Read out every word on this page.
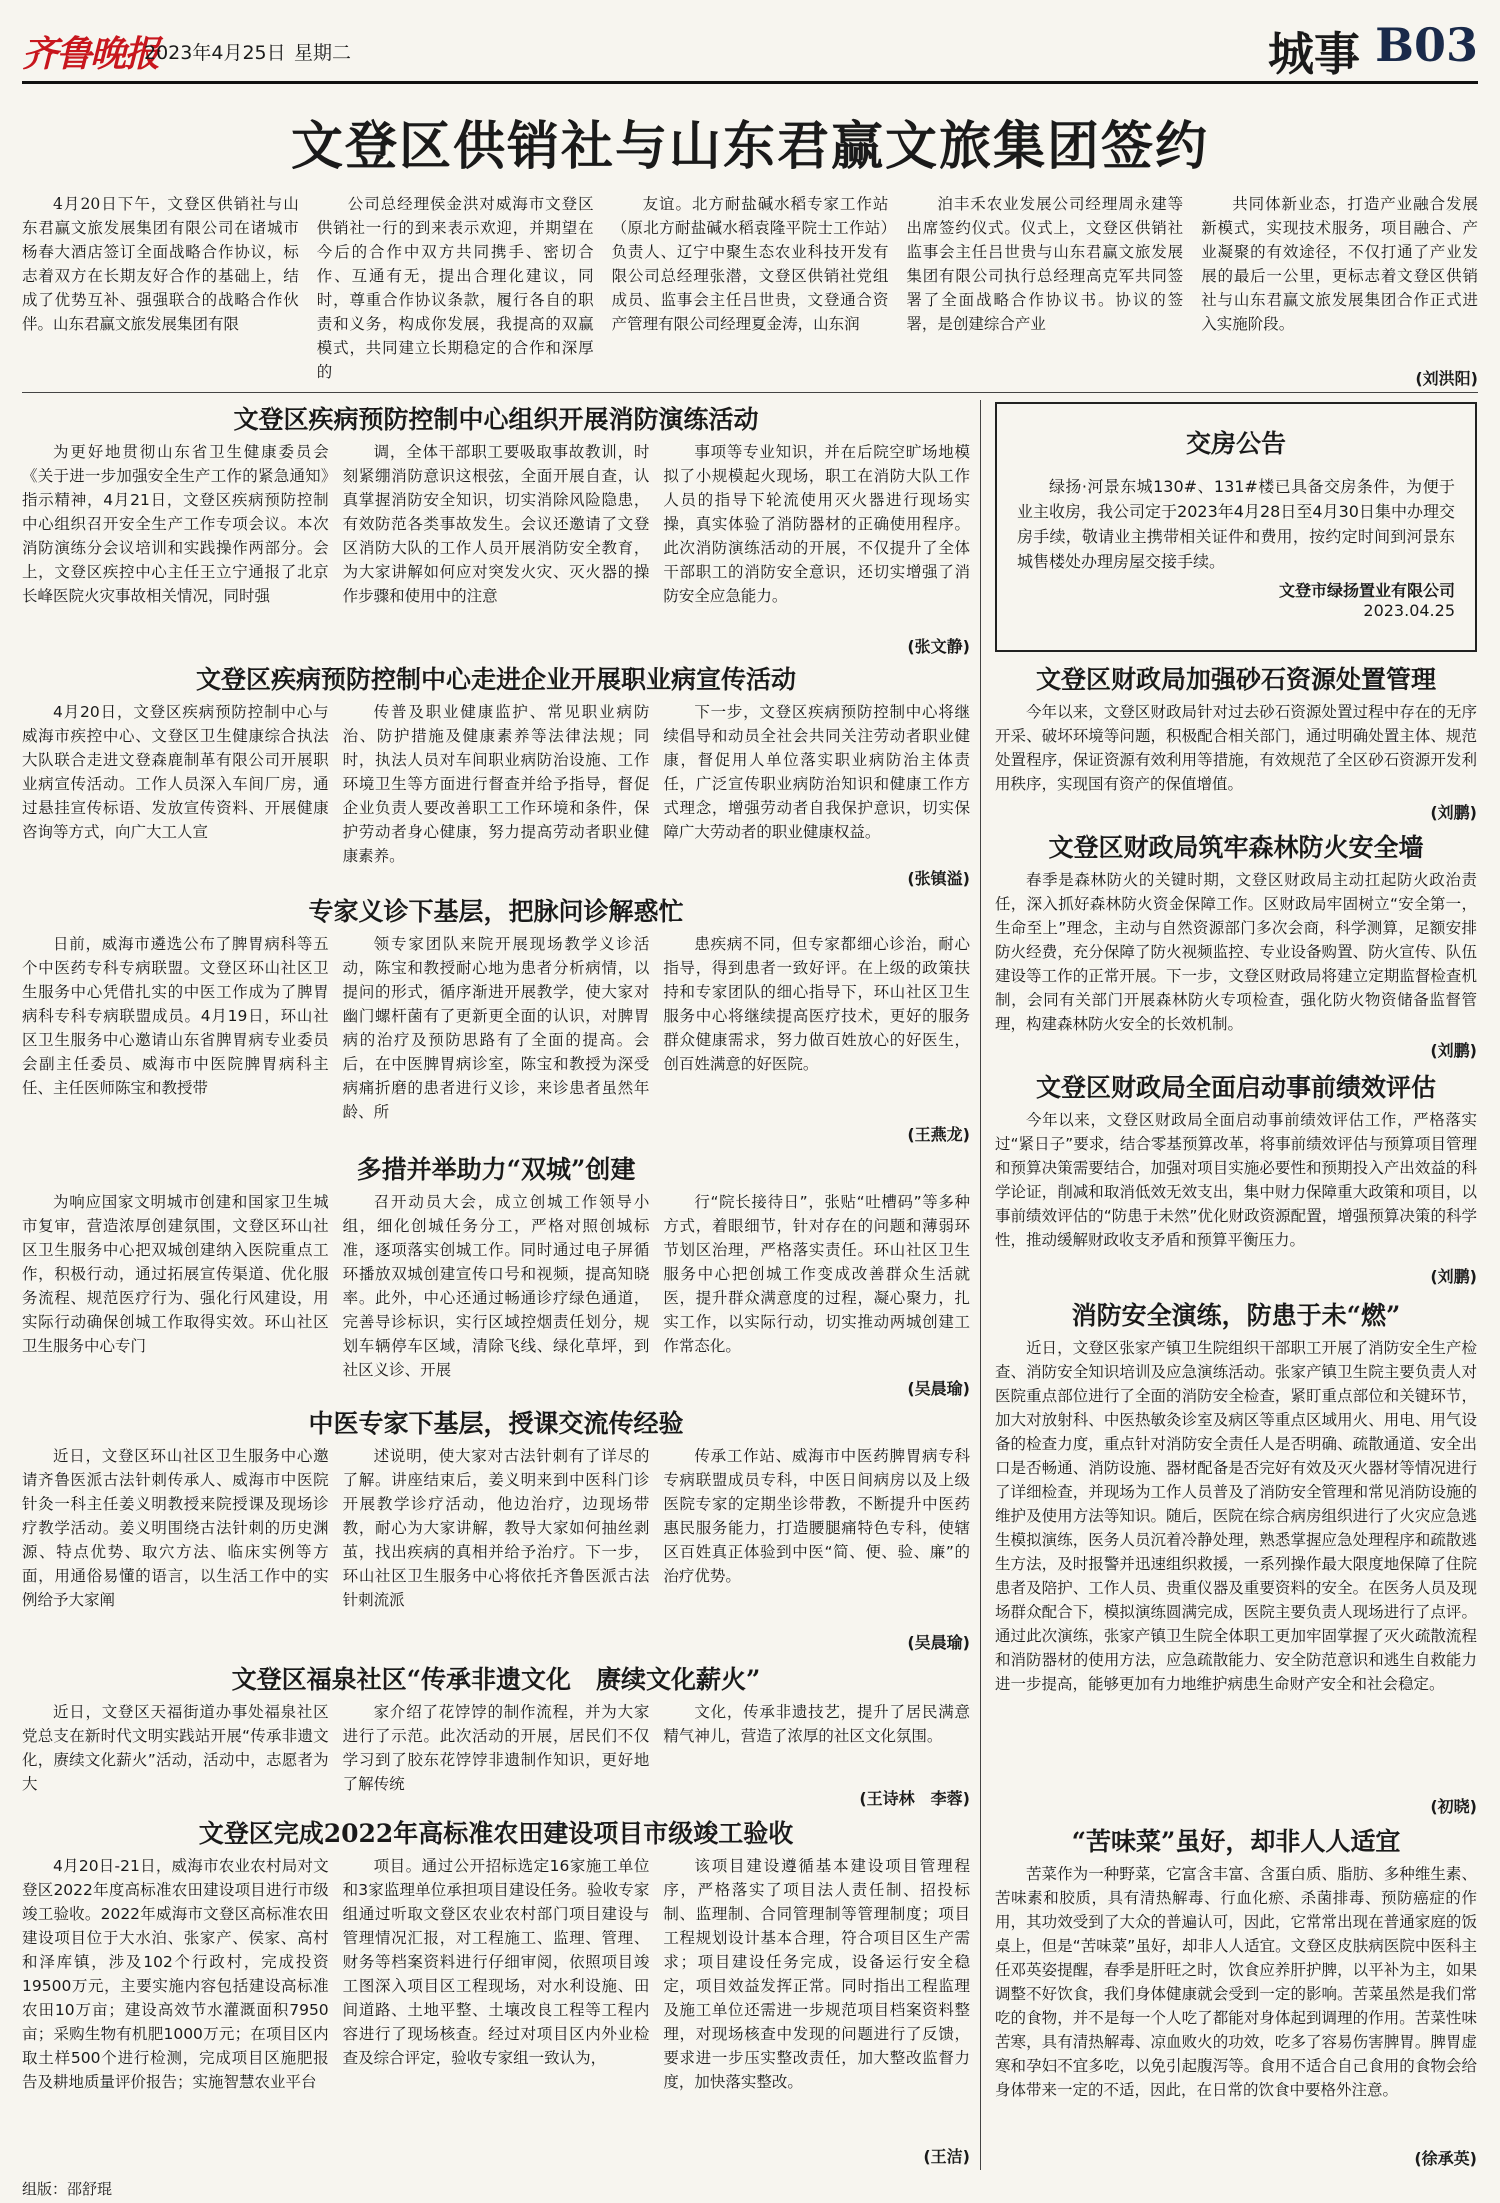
齐鲁晚报
2023年4月25日 星期二	城事 B03
文登区供销社与山东君赢文旅集团签约

4月20日下午，文登区供销社与山东君赢文旅发展集团有限公司在诸城市杨春大酒店签订全面战略合作协议，标志着双方在长期友好合作的基础上，结成了优势互补、强强联合的战略合作伙伴。山东君赢文旅发展集团有限

公司总经理侯金洪对威海市文登区供销社一行的到来表示欢迎，并期望在今后的合作中双方共同携手、密切合作、互通有无，提出合理化建议，同时，尊重合作协议条款，履行各自的职责和义务，构成你发展，我提高的双赢模式，共同建立长期稳定的合作和深厚的

友谊。北方耐盐碱水稻专家工作站（原北方耐盐碱水稻袁隆平院士工作站）负责人、辽宁中聚生态农业科技开发有限公司总经理张潜，文登区供销社党组成员、监事会主任吕世贵，文登通合资产管理有限公司经理夏金涛，山东润

泊丰禾农业发展公司经理周永建等出席签约仪式。仪式上，文登区供销社监事会主任吕世贵与山东君赢文旅发展集团有限公司执行总经理高克军共同签署了全面战略合作协议书。协议的签署，是创建综合产业

共同体新业态，打造产业融合发展新模式，实现技术服务，项目融合、产业凝聚的有效途径，不仅打通了产业发展的最后一公里，更标志着文登区供销社与山东君赢文旅发展集团合作正式进入实施阶段。

(刘洪阳)
文登区疾病预防控制中心组织开展消防演练活动

为更好地贯彻山东省卫生健康委员会《关于进一步加强安全生产工作的紧急通知》指示精神，4月21日，文登区疾病预防控制中心组织召开安全生产工作专项会议。本次消防演练分会议培训和实践操作两部分。会上，文登区疾控中心主任王立宁通报了北京长峰医院火灾事故相关情况，同时强

调，全体干部职工要吸取事故教训，时刻紧绷消防意识这根弦，全面开展自查，认真掌握消防安全知识，切实消除风险隐患，有效防范各类事故发生。会议还邀请了文登区消防大队的工作人员开展消防安全教育，为大家讲解如何应对突发火灾、灭火器的操作步骤和使用中的注意

事项等专业知识，并在后院空旷场地模拟了小规模起火现场，职工在消防大队工作人员的指导下轮流使用灭火器进行现场实操，真实体验了消防器材的正确使用程序。此次消防演练活动的开展，不仅提升了全体干部职工的消防安全意识，还切实增强了消防安全应急能力。

(张文静)
文登区疾病预防控制中心走进企业开展职业病宣传活动

4月20日，文登区疾病预防控制中心与威海市疾控中心、文登区卫生健康综合执法大队联合走进文登森鹿制革有限公司开展职业病宣传活动。工作人员深入车间厂房，通过悬挂宣传标语、发放宣传资料、开展健康咨询等方式，向广大工人宣

传普及职业健康监护、常见职业病防治、防护措施及健康素养等法律法规；同时，执法人员对车间职业病防治设施、工作环境卫生等方面进行督查并给予指导，督促企业负责人要改善职工工作环境和条件，保护劳动者身心健康，努力提高劳动者职业健康素养。

下一步，文登区疾病预防控制中心将继续倡导和动员全社会共同关注劳动者职业健康，督促用人单位落实职业病防治主体责任，广泛宣传职业病防治知识和健康工作方式理念，增强劳动者自我保护意识，切实保障广大劳动者的职业健康权益。

(张镇溢)
专家义诊下基层，把脉问诊解惑忙

日前，威海市遴选公布了脾胃病科等五个中医药专科专病联盟。文登区环山社区卫生服务中心凭借扎实的中医工作成为了脾胃病科专科专病联盟成员。4月19日，环山社区卫生服务中心邀请山东省脾胃病专业委员会副主任委员、威海市中医院脾胃病科主任、主任医师陈宝和教授带

领专家团队来院开展现场教学义诊活动，陈宝和教授耐心地为患者分析病情，以提问的形式，循序渐进开展教学，使大家对幽门螺杆菌有了更新更全面的认识，对脾胃病的治疗及预防思路有了全面的提高。会后，在中医脾胃病诊室，陈宝和教授为深受病痛折磨的患者进行义诊，来诊患者虽然年龄、所

患疾病不同，但专家都细心诊治，耐心指导，得到患者一致好评。在上级的政策扶持和专家团队的细心指导下，环山社区卫生服务中心将继续提高医疗技术，更好的服务群众健康需求，努力做百姓放心的好医生，创百姓满意的好医院。

(王燕龙)
多措并举助力“双城”创建

为响应国家文明城市创建和国家卫生城市复审，营造浓厚创建氛围，文登区环山社区卫生服务中心把双城创建纳入医院重点工作，积极行动，通过拓展宣传渠道、优化服务流程、规范医疗行为、强化行风建设，用实际行动确保创城工作取得实效。环山社区卫生服务中心专门

召开动员大会，成立创城工作领导小组，细化创城任务分工，严格对照创城标准，逐项落实创城工作。同时通过电子屏循环播放双城创建宣传口号和视频，提高知晓率。此外，中心还通过畅通诊疗绿色通道，完善导诊标识，实行区域控烟责任划分，规划车辆停车区域，清除飞线、绿化草坪，到社区义诊、开展

行“院长接待日”，张贴“吐槽码”等多种方式，着眼细节，针对存在的问题和薄弱环节划区治理，严格落实责任。环山社区卫生服务中心把创城工作变成改善群众生活就医，提升群众满意度的过程，凝心聚力，扎实工作，以实际行动，切实推动两城创建工作常态化。

(吴晨瑜)
中医专家下基层，授课交流传经验

近日，文登区环山社区卫生服务中心邀请齐鲁医派古法针刺传承人、威海市中医院针灸一科主任姜义明教授来院授课及现场诊疗教学活动。姜义明围绕古法针刺的历史渊源、特点优势、取穴方法、临床实例等方面，用通俗易懂的语言，以生活工作中的实例给予大家阐

述说明，使大家对古法针刺有了详尽的了解。讲座结束后，姜义明来到中医科门诊开展教学诊疗活动，他边治疗，边现场带教，耐心为大家讲解，教导大家如何抽丝剥茧，找出疾病的真相并给予治疗。下一步，环山社区卫生服务中心将依托齐鲁医派古法针刺流派

传承工作站、威海市中医药脾胃病专科专病联盟成员专科，中医日间病房以及上级医院专家的定期坐诊带教，不断提升中医药惠民服务能力，打造腰腿痛特色专科，使辖区百姓真正体验到中医“简、便、验、廉”的治疗优势。

(吴晨瑜)
文登区福泉社区“传承非遗文化　赓续文化薪火”

近日，文登区天福街道办事处福泉社区党总支在新时代文明实践站开展“传承非遗文化，赓续文化薪火”活动，活动中，志愿者为大

家介绍了花饽饽的制作流程，并为大家进行了示范。此次活动的开展，居民们不仅学习到了胶东花饽饽非遗制作知识，更好地了解传统

文化，传承非遗技艺，提升了居民满意精气神儿，营造了浓厚的社区文化氛围。

(王诗林　李蓉)
文登区完成2022年高标准农田建设项目市级竣工验收

4月20日-21日，威海市农业农村局对文登区2022年度高标准农田建设项目进行市级竣工验收。2022年威海市文登区高标准农田建设项目位于大水泊、张家产、侯家、高村和泽库镇，涉及102个行政村，完成投资19500万元，主要实施内容包括建设高标准农田10万亩；建设高效节水灌溉面积7950亩；采购生物有机肥1000万元；在项目区内取土样500个进行检测，完成项目区施肥报告及耕地质量评价报告；实施智慧农业平台

项目。通过公开招标选定16家施工单位和3家监理单位承担项目建设任务。验收专家组通过听取文登区农业农村部门项目建设与管理情况汇报，对工程施工、监理、管理、财务等档案资料进行仔细审阅，依照项目竣工图深入项目区工程现场，对水利设施、田间道路、土地平整、土壤改良工程等工程内容进行了现场核查。经过对项目区内外业检查及综合评定，验收专家组一致认为，

该项目建设遵循基本建设项目管理程序，严格落实了项目法人责任制、招投标制、监理制、合同管理制等管理制度；项目工程规划设计基本合理，符合项目区生产需求；项目建设任务完成，设备运行安全稳定，项目效益发挥正常。同时指出工程监理及施工单位还需进一步规范项目档案资料整理，对现场核查中发现的问题进行了反馈，要求进一步压实整改责任，加大整改监督力度，加快落实整改。

(王洁)
交房公告
绿扬·河景东城130#、131#楼已具备交房条件，为便于业主收房，我公司定于2023年4月28日至4月30日集中办理交房手续，敬请业主携带相关证件和费用，按约定时间到河景东城售楼处办理房屋交接手续。
文登市绿扬置业有限公司
2023.04.25
文登区财政局加强砂石资源处置管理

今年以来，文登区财政局针对过去砂石资源处置过程中存在的无序开采、破坏环境等问题，积极配合相关部门，通过明确处置主体、规范处置程序，保证资源有效利用等措施，有效规范了全区砂石资源开发利用秩序，实现国有资产的保值增值。

(刘鹏)
文登区财政局筑牢森林防火安全墙

春季是森林防火的关键时期，文登区财政局主动扛起防火政治责任，深入抓好森林防火资金保障工作。区财政局牢固树立“安全第一，生命至上”理念，主动与自然资源部门多次会商，科学测算，足额安排防火经费，充分保障了防火视频监控、专业设备购置、防火宣传、队伍建设等工作的正常开展。下一步，文登区财政局将建立定期监督检查机制，会同有关部门开展森林防火专项检查，强化防火物资储备监督管理，构建森林防火安全的长效机制。

(刘鹏)
文登区财政局全面启动事前绩效评估

今年以来，文登区财政局全面启动事前绩效评估工作，严格落实过“紧日子”要求，结合零基预算改革，将事前绩效评估与预算项目管理和预算决策需要结合，加强对项目实施必要性和预期投入产出效益的科学论证，削减和取消低效无效支出，集中财力保障重大政策和项目，以事前绩效评估的“防患于未然”优化财政资源配置，增强预算决策的科学性，推动缓解财政收支矛盾和预算平衡压力。

(刘鹏)
消防安全演练，防患于未“燃”

近日，文登区张家产镇卫生院组织干部职工开展了消防安全生产检查、消防安全知识培训及应急演练活动。张家产镇卫生院主要负责人对医院重点部位进行了全面的消防安全检查，紧盯重点部位和关键环节，加大对放射科、中医热敏灸诊室及病区等重点区域用火、用电、用气设备的检查力度，重点针对消防安全责任人是否明确、疏散通道、安全出口是否畅通、消防设施、器材配备是否完好有效及灭火器材等情况进行了详细检查，并现场为工作人员普及了消防安全管理和常见消防设施的维护及使用方法等知识。随后，医院在综合病房组织进行了火灾应急逃生模拟演练，医务人员沉着冷静处理，熟悉掌握应急处理程序和疏散逃生方法，及时报警并迅速组织救援，一系列操作最大限度地保障了住院患者及陪护、工作人员、贵重仪器及重要资料的安全。在医务人员及现场群众配合下，模拟演练圆满完成，医院主要负责人现场进行了点评。通过此次演练，张家产镇卫生院全体职工更加牢固掌握了灭火疏散流程和消防器材的使用方法，应急疏散能力、安全防范意识和逃生自救能力进一步提高，能够更加有力地维护病患生命财产安全和社会稳定。

(初晓)
“苦味菜”虽好，却非人人适宜

苦菜作为一种野菜，它富含丰富、含蛋白质、脂肪、多种维生素、苦味素和胶质，具有清热解毒、行血化瘀、杀菌排毒、预防癌症的作用，其功效受到了大众的普遍认可，因此，它常常出现在普通家庭的饭桌上，但是“苦味菜”虽好，却非人人适宜。文登区皮肤病医院中医科主任邓英姿提醒，春季是肝旺之时，饮食应养肝护脾，以平补为主，如果调整不好饮食，我们身体健康就会受到一定的影响。苦菜虽然是我们常吃的食物，并不是每一个人吃了都能对身体起到调理的作用。苦菜性味苦寒，具有清热解毒、凉血败火的功效，吃多了容易伤害脾胃。脾胃虚寒和孕妇不宜多吃，以免引起腹泻等。食用不适合自己食用的食物会给身体带来一定的不适，因此，在日常的饮食中要格外注意。

(徐承英)
组版：邵舒琨
